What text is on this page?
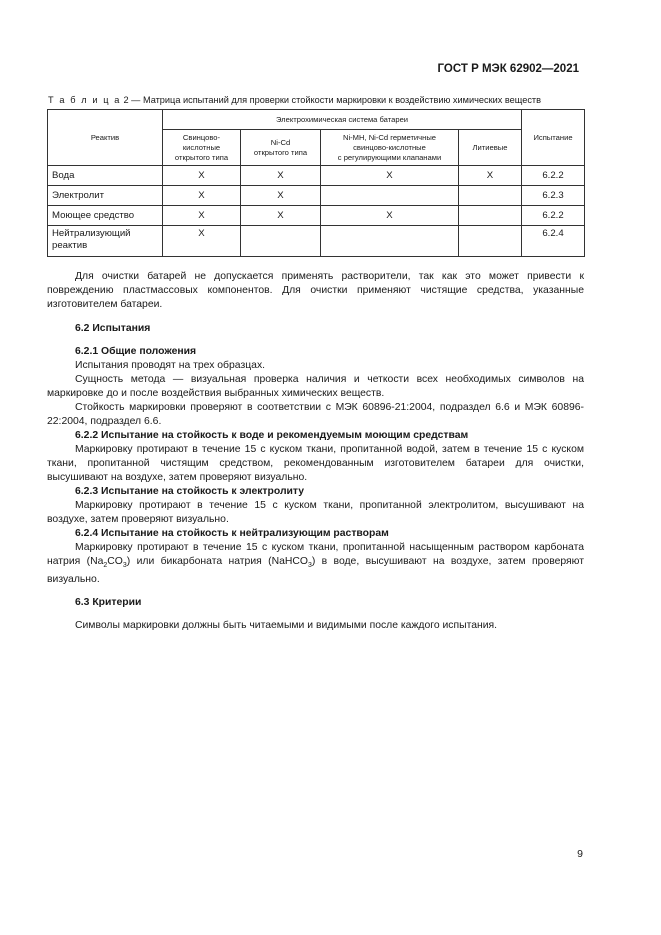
ГОСТ Р МЭК 62902—2021
Т а б л и ц а 2 — Матрица испытаний для проверки стойкости маркировки к воздействию химических веществ
Реактив	Электрохимическая система батареи				Испытание
	Свинцово-
кислотные
открытого типа	Ni-Cd
открытого типа	Ni-MH, Ni-Cd герметичные
свинцово-кислотные
с регулирующими клапанами	Литиевые	
Вода	X	X	X	X	6.2.2
Электролит	X	X			6.2.3
Моющее средство	X	X	X		6.2.2
Нейтрализующий реактив	X				6.2.4

Для очистки батарей не допускается применять растворители, так как это может привести к повреждению пластмассовых компонентов. Для очистки применяют чистящие средства, указанные изготовителем батареи.

6.2 Испытания

6.2.1 Общие положения

Испытания проводят на трех образцах.

Сущность метода — визуальная проверка наличия и четкости всех необходимых символов на маркировке до и после воздействия выбранных химических веществ.

Стойкость маркировки проверяют в соответствии с МЭК 60896-21:2004, подраздел 6.6 и МЭК 60896-22:2004, подраздел 6.6.

6.2.2 Испытание на стойкость к воде и рекомендуемым моющим средствам

Маркировку протирают в течение 15 с куском ткани, пропитанной водой, затем в течение 15 с куском ткани, пропитанной чистящим средством, рекомендованным изготовителем батареи для очистки, высушивают на воздухе, затем проверяют визуально.

6.2.3 Испытание на стойкость к электролиту

Маркировку протирают в течение 15 с куском ткани, пропитанной электролитом, высушивают на воздухе, затем проверяют визуально.

6.2.4 Испытание на стойкость к нейтрализующим растворам

Маркировку протирают в течение 15 с куском ткани, пропитанной насыщенным раствором карбоната натрия $(Na_2CO_3)$ или бикарбоната натрия (NaHCO$_3$) в воде, высушивают на воздухе, затем проверяют визуально.

6.3 Критерии

Символы маркировки должны быть читаемыми и видимыми после каждого испытания.

9
